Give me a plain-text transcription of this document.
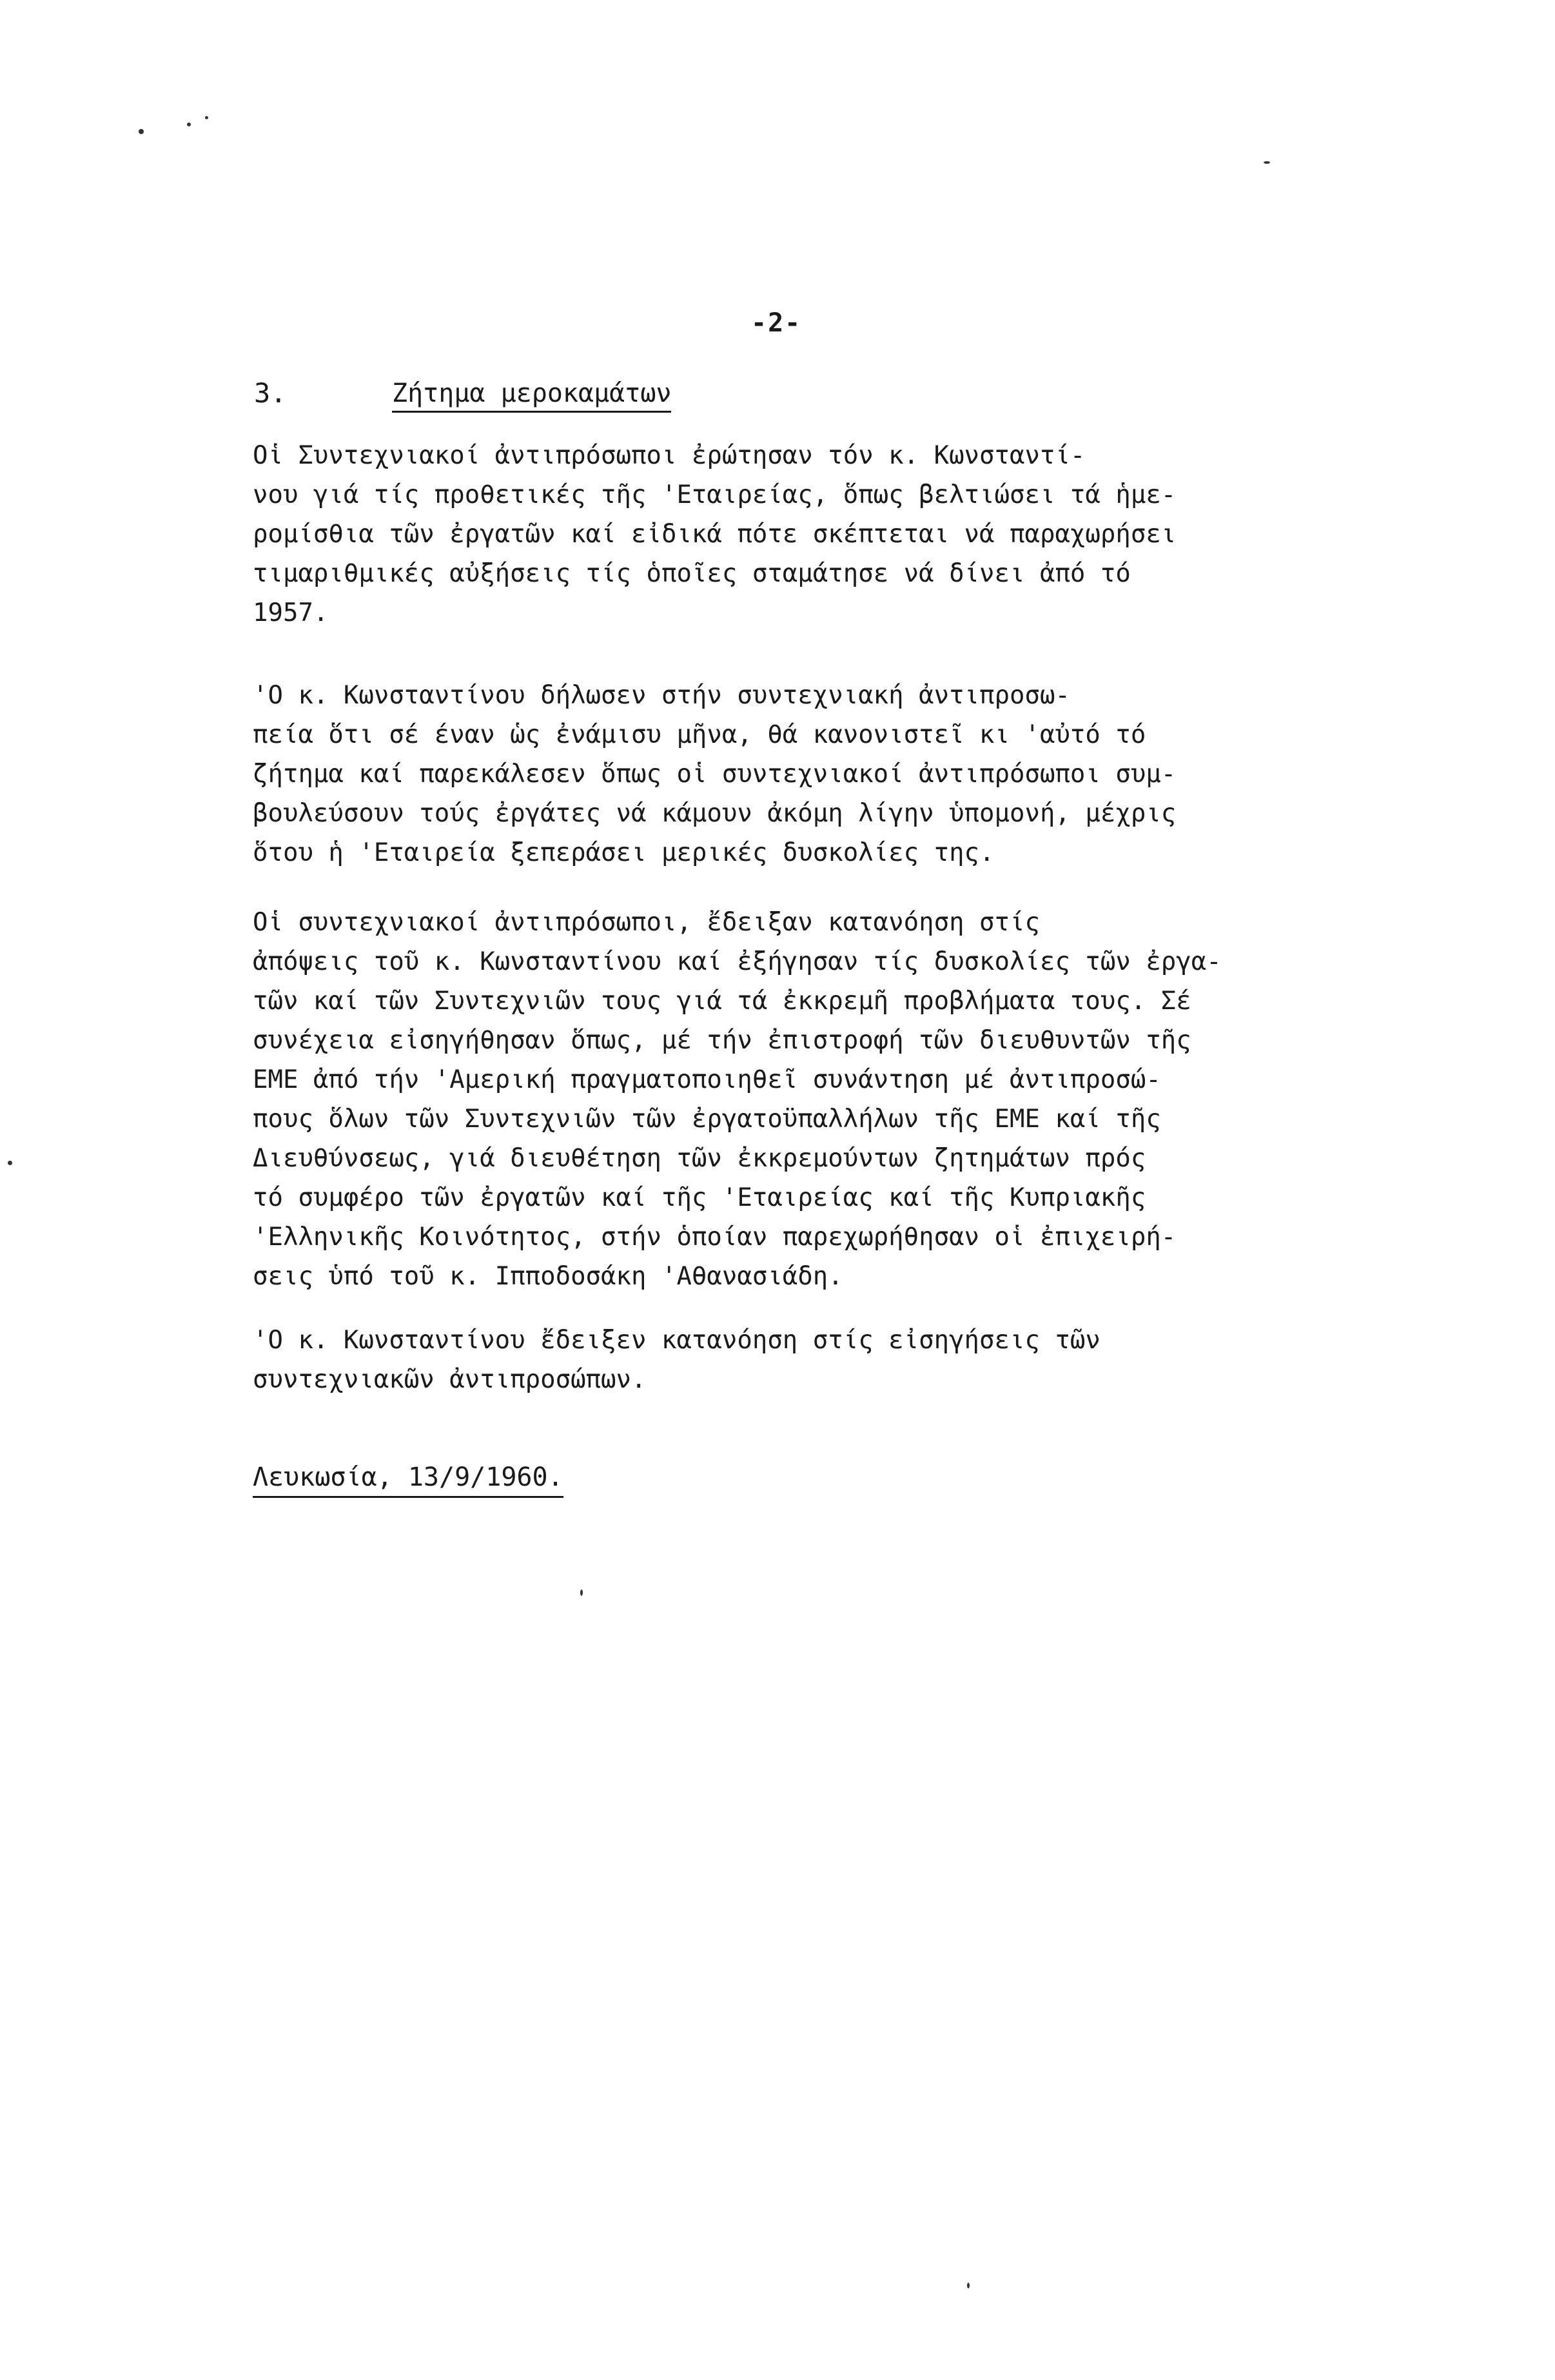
-2-
3.	Ζήτημα μεροκαμάτων
Οἱ Συντεχνιακοί ἀντιπρόσωποι ἐρώτησαν τόν κ. Κωνσταντί-
νου γιά τίς προθετικές τῆς 'Εταιρείας, ὅπως βελτιώσει τά ἡμε-
ρομίσθια τῶν ἐργατῶν καί εἰδικά πότε σκέπτεται νά παραχωρήσει
τιμαριθμικές αὐξήσεις τίς ὁποῖες σταμάτησε νά δίνει ἀπό τό
1957.
'Ο κ. Κωνσταντίνου δήλωσεν στήν συντεχνιακή ἀντιπροσω-
πεία ὅτι σέ έναν ὡς ἐνάμισυ μῆνα, θά κανονιστεῖ κι 'αὐτό τό
ζήτημα καί παρεκάλεσεν ὅπως οἱ συντεχνιακοί ἀντιπρόσωποι συμ-
βουλεύσουν τούς ἐργάτες νά κάμουν ἀκόμη λίγην ὑπομονή, μέχρις
ὅτου ἡ 'Εταιρεία ξεπεράσει μερικές δυσκολίες της.
Οἱ συντεχνιακοί ἀντιπρόσωποι, ἔδειξαν κατανόηση στίς
ἀπόψεις τοῦ κ. Κωνσταντίνου καί ἐξήγησαν τίς δυσκολίες τῶν ἐργα-
τῶν καί τῶν Συντεχνιῶν τους γιά τά ἐκκρεμῆ προβλήματα τους. Σέ
συνέχεια εἰσηγήθησαν ὅπως, μέ τήν ἐπιστροφή τῶν διευθυντῶν τῆς
ΕΜΕ ἀπό τήν 'Αμερική πραγματοποιηθεῖ συνάντηση μέ ἀντιπροσώ-
πους ὅλων τῶν Συντεχνιῶν τῶν ἐργατοϋπαλλήλων τῆς ΕΜΕ καί τῆς
Διευθύνσεως, γιά διευθέτηση τῶν ἐκκρεμούντων ζητημάτων πρός
τό συμφέρο τῶν ἐργατῶν καί τῆς 'Εταιρείας καί τῆς Κυπριακῆς
'Ελληνικῆς Κοινότητος, στήν ὁποίαν παρεχωρήθησαν οἱ ἐπιχειρή-
σεις ὑπό τοῦ κ. Ιπποδοσάκη 'Αθανασιάδη.
'Ο κ. Κωνσταντίνου ἔδειξεν κατανόηση στίς εἰσηγήσεις τῶν
συντεχνιακῶν ἀντιπροσώπων.
Λευκωσία, 13/9/1960.
